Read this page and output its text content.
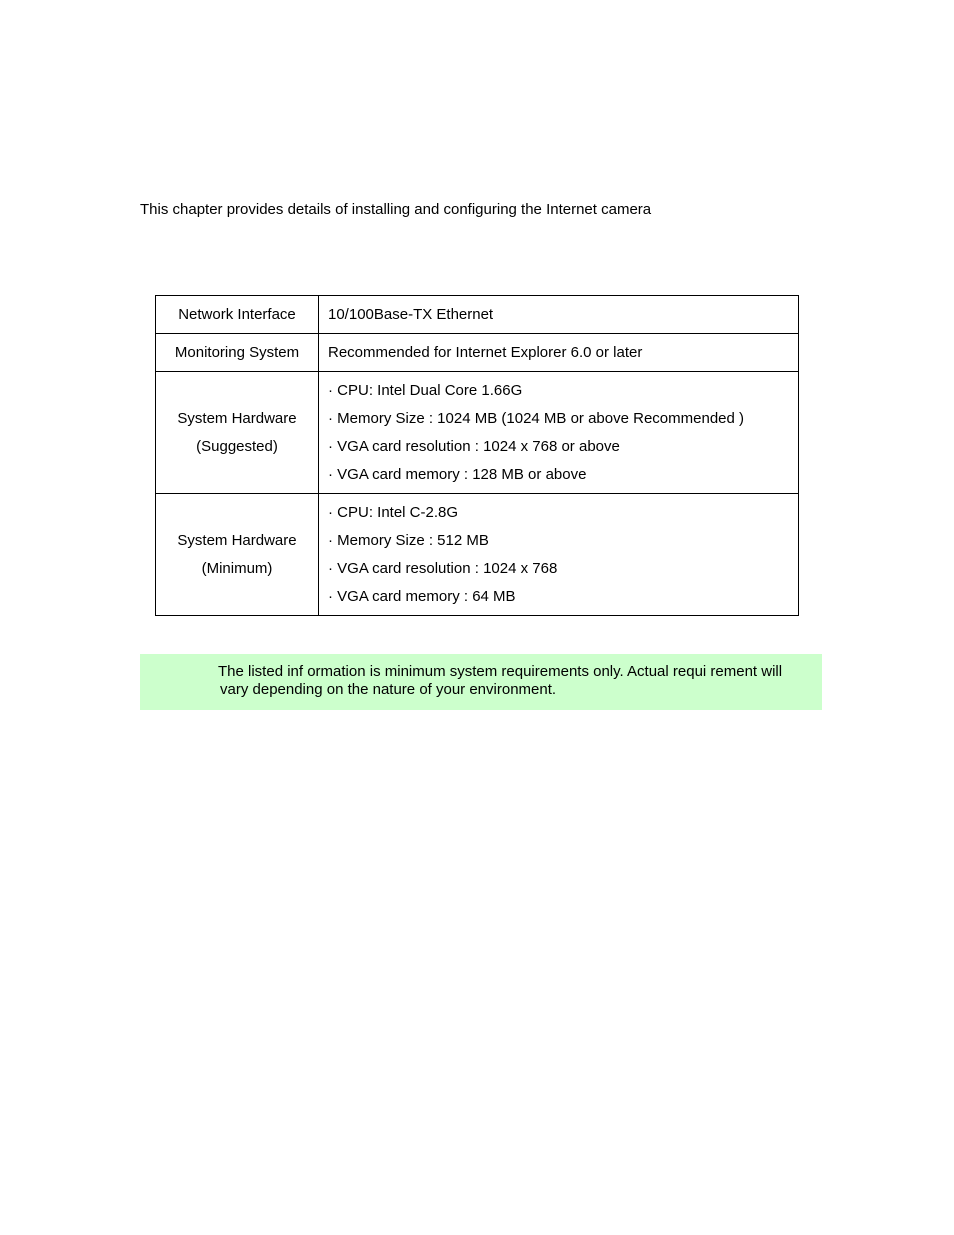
This chapter provides details of installing and configuring the Internet camera

Network Interface	10/100Base-TX Ethernet

Monitoring System	Recommended for Internet Explorer 6.0 or later

System Hardware
(Suggested)	· CPU: Intel Dual Core 1.66G
· Memory Size : 1024 MB (1024 MB or above Recommended )
· VGA card resolution : 1024 x 768 or above
· VGA card memory : 128 MB or above

System Hardware
(Minimum)	· CPU: Intel C-2.8G
· Memory Size : 512 MB
· VGA card resolution : 1024 x 768
· VGA card memory : 64 MB
The listed inf ormation is minimum system requirements only. Actual requi rement will
vary depending on the nature of your environment.
